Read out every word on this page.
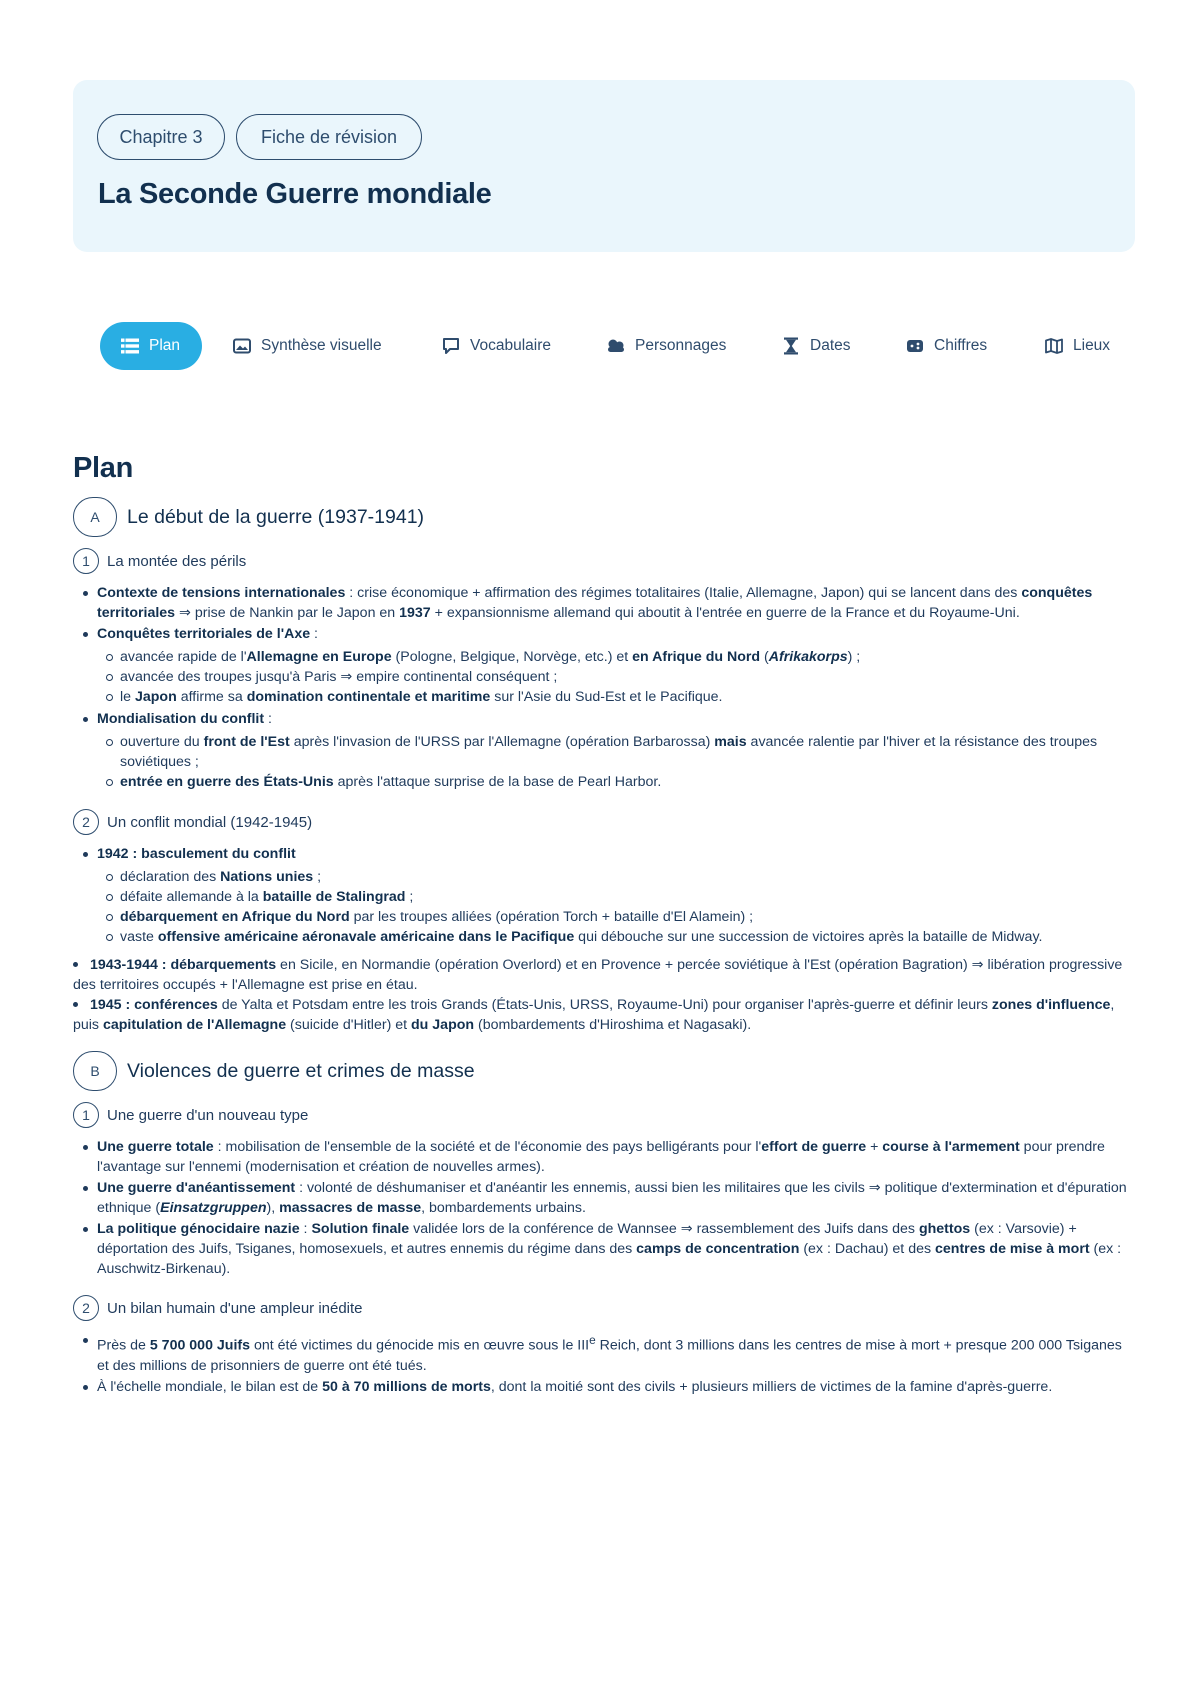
Chapitre 3	Fiche de révision
La Seconde Guerre mondiale
Plan	Synthèse visuelle	Vocabulaire	Personnages	Dates	Chiffres	Lieux
Plan
A	Le début de la guerre (1937-1941)
1	La montée des périls
Contexte de tensions internationales : crise économique + affirmation des régimes totalitaires (Italie, Allemagne, Japon) qui se lancent dans des conquêtes territoriales ⇒ prise de Nankin par le Japon en 1937 + expansionnisme allemand qui aboutit à l'entrée en guerre de la France et du Royaume-Uni.
Conquêtes territoriales de l'Axe :
avancée rapide de l'Allemagne en Europe (Pologne, Belgique, Norvège, etc.) et en Afrique du Nord (Afrikakorps) ;
avancée des troupes jusqu'à Paris ⇒ empire continental conséquent ;
le Japon affirme sa domination continentale et maritime sur l'Asie du Sud-Est et le Pacifique.
Mondialisation du conflit :
ouverture du front de l'Est après l'invasion de l'URSS par l'Allemagne (opération Barbarossa) mais avancée ralentie par l'hiver et la résistance des troupes soviétiques ;
entrée en guerre des États-Unis après l'attaque surprise de la base de Pearl Harbor.
2	Un conflit mondial (1942-1945)
1942 : basculement du conflit
déclaration des Nations unies ;
défaite allemande à la bataille de Stalingrad ;
débarquement en Afrique du Nord par les troupes alliées (opération Torch + bataille d'El Alamein) ;
vaste offensive américaine aéronavale américaine dans le Pacifique qui débouche sur une succession de victoires après la bataille de Midway.

1943-1944 : débarquements en Sicile, en Normandie (opération Overlord) et en Provence + percée soviétique à l'Est (opération Bagration) ⇒ libération progressive des territoires occupés + l'Allemagne est prise en étau.

1945 : conférences de Yalta et Potsdam entre les trois Grands (États-Unis, URSS, Royaume-Uni) pour organiser l'après-guerre et définir leurs zones d'influence, puis capitulation de l'Allemagne (suicide d'Hitler) et du Japon (bombardements d'Hiroshima et Nagasaki).

B	Violences de guerre et crimes de masse
1	Une guerre d'un nouveau type
Une guerre totale : mobilisation de l'ensemble de la société et de l'économie des pays belligérants pour l'effort de guerre + course à l'armement pour prendre l'avantage sur l'ennemi (modernisation et création de nouvelles armes).
Une guerre d'anéantissement : volonté de déshumaniser et d'anéantir les ennemis, aussi bien les militaires que les civils ⇒ politique d'extermination et d'épuration ethnique (Einsatzgruppen), massacres de masse, bombardements urbains.
La politique génocidaire nazie : Solution finale validée lors de la conférence de Wannsee ⇒ rassemblement des Juifs dans des ghettos (ex : Varsovie) + déportation des Juifs, Tsiganes, homosexuels, et autres ennemis du régime dans des camps de concentration (ex : Dachau) et des centres de mise à mort (ex : Auschwitz-Birkenau).
2	Un bilan humain d'une ampleur inédite
Près de 5 700 000 Juifs ont été victimes du génocide mis en œuvre sous le IIIe Reich, dont 3 millions dans les centres de mise à mort + presque 200 000 Tsiganes et des millions de prisonniers de guerre ont été tués.
À l'échelle mondiale, le bilan est de 50 à 70 millions de morts, dont la moitié sont des civils + plusieurs milliers de victimes de la famine d'après-guerre.
